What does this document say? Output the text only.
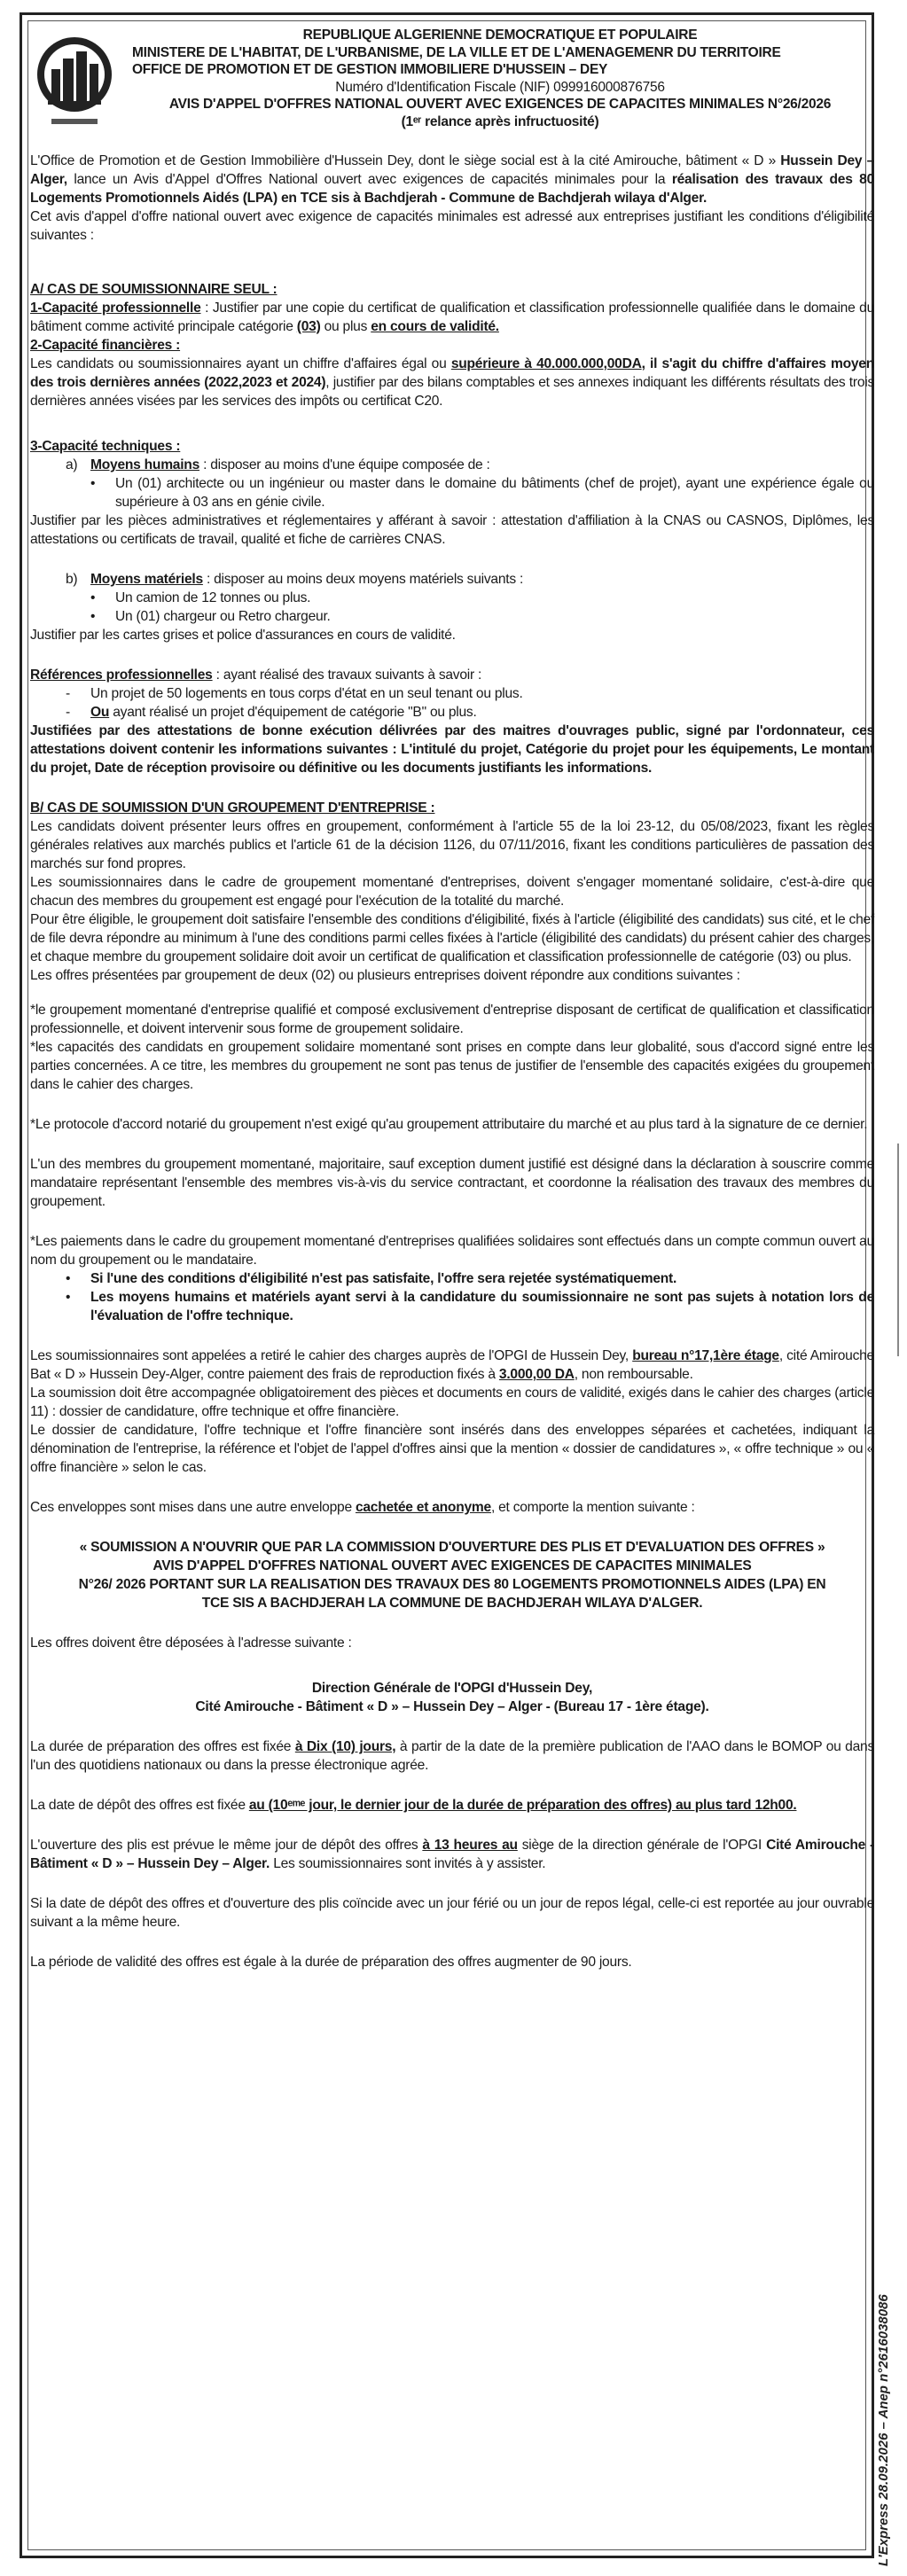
REPUBLIQUE ALGERIENNE DEMOCRATIQUE ET POPULAIRE
MINISTERE DE L'HABITAT, DE L'URBANISME, DE LA VILLE ET DE L'AMENAGEMENR DU TERRITOIRE
OFFICE DE PROMOTION ET DE GESTION IMMOBILIERE D'HUSSEIN – DEY
Numéro d'Identification Fiscale (NIF) 099916000876756
AVIS D'APPEL D'OFFRES NATIONAL OUVERT AVEC EXIGENCES DE CAPACITES MINIMALES N°26/2026
(1ᵉʳ relance après infructuosité)

L'Office de Promotion et de Gestion Immobilière d'Hussein Dey, dont le siège social est à la cité Amirouche, bâtiment « D » Hussein Dey – Alger, lance un Avis d'Appel d'Offres National ouvert avec exigences de capacités minimales pour la réalisation des travaux des 80 Logements Promotionnels Aidés (LPA) en TCE sis à Bachdjerah - Commune de Bachdjerah wilaya d'Alger.

Cet avis d'appel d'offre national ouvert avec exigence de capacités minimales est adressé aux entreprises justifiant les conditions d'éligibilité suivantes :

A/ CAS DE SOUMISSIONNAIRE SEUL :

1-Capacité professionnelle : Justifier par une copie du certificat de qualification et classification professionnelle qualifiée dans le domaine du bâtiment comme activité principale catégorie (03) ou plus en cours de validité.

2-Capacité financières :

Les candidats ou soumissionnaires ayant un chiffre d'affaires égal ou supérieure à 40.000.000,00DA, il s'agit du chiffre d'affaires moyen des trois dernières années (2022,2023 et 2024), justifier par des bilans comptables et ses annexes indiquant les différents résultats des trois dernières années visées par les services des impôts ou certificat C20.

3-Capacité techniques :

a) Moyens humains : disposer au moins d'une équipe composée de :
•	Un (01) architecte ou un ingénieur ou master dans le domaine du bâtiments (chef de projet), ayant une expérience égale ou supérieure à 03 ans en génie civile.

Justifier par les pièces administratives et réglementaires y afférant à savoir : attestation d'affiliation à la CNAS ou CASNOS, Diplômes, les attestations ou certificats de travail, qualité et fiche de carrières CNAS.

b) Moyens matériels : disposer au moins deux moyens matériels suivants :
•	Un camion de 12 tonnes ou plus.
•	Un (01) chargeur ou Retro chargeur.

Justifier par les cartes grises et police d'assurances en cours de validité.

Références professionnelles : ayant réalisé des travaux suivants à savoir :

-	Un projet de 50 logements en tous corps d'état en un seul tenant ou plus.
-	Ou ayant réalisé un projet d'équipement de catégorie "B" ou plus.

Justifiées par des attestations de bonne exécution délivrées par des maitres d'ouvrages public, signé par l'ordonnateur, ces attestations doivent contenir les informations suivantes : L'intitulé du projet, Catégorie du projet pour les équipements, Le montant du projet, Date de réception provisoire ou définitive ou les documents justifiants les informations.

B/ CAS DE SOUMISSION D'UN GROUPEMENT D'ENTREPRISE :

Les candidats doivent présenter leurs offres en groupement, conformément à l'article 55 de la loi 23-12, du 05/08/2023, fixant les règles générales relatives aux marchés publics et l'article 61 de la décision 1126, du 07/11/2016, fixant les conditions particulières de passation des marchés sur fond propres.

Les soumissionnaires dans le cadre de groupement momentané d'entreprises, doivent s'engager momentané solidaire, c'est-à-dire que chacun des membres du groupement est engagé pour l'exécution de la totalité du marché.

Pour être éligible, le groupement doit satisfaire l'ensemble des conditions d'éligibilité, fixés à l'article (éligibilité des candidats) sus cité, et le chef de file devra répondre au minimum à l'une des conditions parmi celles fixées à l'article (éligibilité des candidats) du présent cahier des charges, et chaque membre du groupement solidaire doit avoir un certificat de qualification et classification professionnelle de catégorie (03) ou plus.

Les offres présentées par groupement de deux (02) ou plusieurs entreprises doivent répondre aux conditions suivantes :

*le groupement momentané d'entreprise qualifié et composé exclusivement d'entreprise disposant de certificat de qualification et classification professionnelle, et doivent intervenir sous forme de groupement solidaire.

*les capacités des candidats en groupement solidaire momentané sont prises en compte dans leur globalité, sous d'accord signé entre les parties concernées. A ce titre, les membres du groupement ne sont pas tenus de justifier de l'ensemble des capacités exigées du groupement dans le cahier des charges.

*Le protocole d'accord notarié du groupement n'est exigé qu'au groupement attributaire du marché et au plus tard à la signature de ce dernier.

L'un des membres du groupement momentané, majoritaire, sauf exception dument justifié est désigné dans la déclaration à souscrire comme mandataire représentant l'ensemble des membres vis-à-vis du service contractant, et coordonne la réalisation des travaux des membres du groupement.

*Les paiements dans le cadre du groupement momentané d'entreprises qualifiées solidaires sont effectués dans un compte commun ouvert au nom du groupement ou le mandataire.

•	Si l'une des conditions d'éligibilité n'est pas satisfaite, l'offre sera rejetée systématiquement.
•	Les moyens humains et matériels ayant servi à la candidature du soumissionnaire ne sont pas sujets à notation lors de l'évaluation de l'offre technique.

Les soumissionnaires sont appelées a retiré le cahier des charges auprès de l'OPGI de Hussein Dey, bureau n°17,1ère étage, cité Amirouche Bat « D » Hussein Dey-Alger, contre paiement des frais de reproduction fixés à 3.000,00 DA, non remboursable.

La soumission doit être accompagnée obligatoirement des pièces et documents en cours de validité, exigés dans le cahier des charges (article 11) : dossier de candidature, offre technique et offre financière.

Le dossier de candidature, l'offre technique et l'offre financière sont insérés dans des enveloppes séparées et cachetées, indiquant la dénomination de l'entreprise, la référence et l'objet de l'appel d'offres ainsi que la mention « dossier de candidatures », « offre technique » ou « offre financière » selon le cas.

Ces enveloppes sont mises dans une autre enveloppe cachetée et anonyme, et comporte la mention suivante :

« SOUMISSION A N'OUVRIR QUE PAR LA COMMISSION D'OUVERTURE DES PLIS ET D'EVALUATION DES OFFRES »
AVIS D'APPEL D'OFFRES NATIONAL OUVERT AVEC EXIGENCES DE CAPACITES MINIMALES
N°26/ 2026 PORTANT SUR LA REALISATION DES TRAVAUX DES 80 LOGEMENTS PROMOTIONNELS AIDES (LPA) EN
TCE SIS A BACHDJERAH LA COMMUNE DE BACHDJERAH WILAYA D'ALGER.

Les offres doivent être déposées à l'adresse suivante :

Direction Générale de l'OPGI d'Hussein Dey,
Cité Amirouche - Bâtiment « D » – Hussein Dey – Alger - (Bureau 17 - 1ère étage).

La durée de préparation des offres est fixée à Dix (10) jours, à partir de la date de la première publication de l'AAO dans le BOMOP ou dans l'un des quotidiens nationaux ou dans la presse électronique agrée.

La date de dépôt des offres est fixée au (10ᵉᵐᵉ jour, le dernier jour de la durée de préparation des offres) au plus tard 12h00.

L'ouverture des plis est prévue le même jour de dépôt des offres à 13 heures au siège de la direction générale de l'OPGI Cité Amirouche - Bâtiment « D » – Hussein Dey – Alger. Les soumissionnaires sont invités à y assister.

Si la date de dépôt des offres et d'ouverture des plis coïncide avec un jour férié ou un jour de repos légal, celle-ci est reportée au jour ouvrable suivant a la même heure.

La période de validité des offres est égale à la durée de préparation des offres augmenter de 90 jours.

L'Express 28.09.2026 – Anep n°2616038086
